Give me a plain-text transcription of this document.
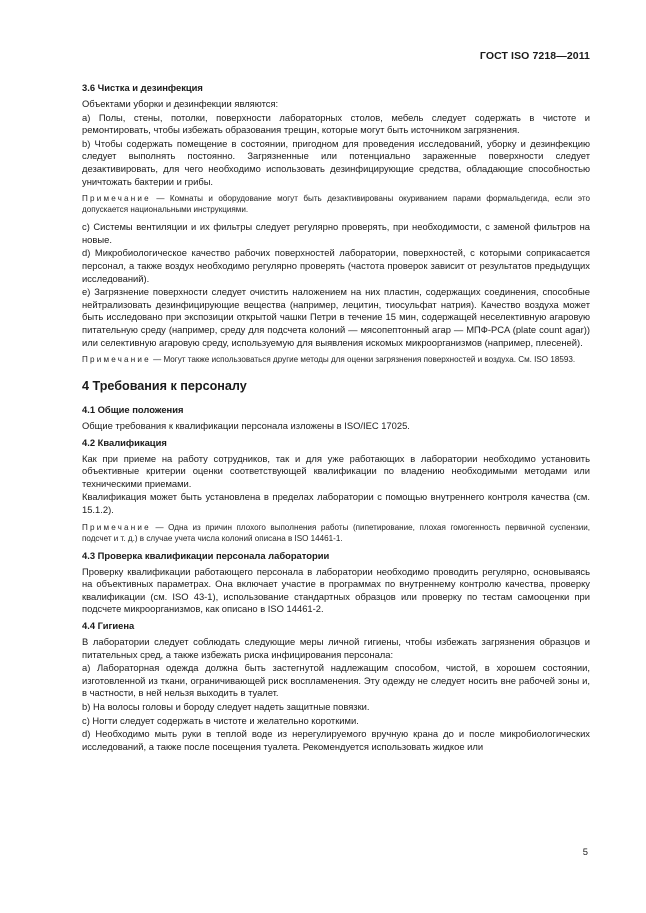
ГОСТ ISO 7218—2011
3.6 Чистка и дезинфекция
Объектами уборки и дезинфекции являются:
а) Полы, стены, потолки, поверхности лабораторных столов, мебель следует содержать в чистоте и ремонтировать, чтобы избежать образования трещин, которые могут быть источником загрязнения.
b) Чтобы содержать помещение в состоянии, пригодном для проведения исследований, уборку и дезинфекцию следует выполнять постоянно. Загрязненные или потенциально зараженные поверхности следует дезактивировать, для чего необходимо использовать дезинфицирующие средства, обладающие способностью уничтожать бактерии и грибы.
Примечание — Комнаты и оборудование могут быть дезактивированы окуриванием парами формальдегида, если это допускается национальными инструкциями.
c) Системы вентиляции и их фильтры следует регулярно проверять, при необходимости, с заменой фильтров на новые.
d) Микробиологическое качество рабочих поверхностей лаборатории, поверхностей, с которыми соприкасается персонал, а также воздух необходимо регулярно проверять (частота проверок зависит от результатов предыдущих исследований).
e) Загрязнение поверхности следует очистить наложением на них пластин, содержащих соединения, способные нейтрализовать дезинфицирующие вещества (например, лецитин, тиосульфат натрия). Качество воздуха может быть исследовано при экспозиции открытой чашки Петри в течение 15 мин, содержащей неселективную агаровую питательную среду (например, среду для подсчета колоний — мясопептонный агар — МПФ-PCA (plate count agar)) или селективную агаровую среду, используемую для выявления искомых микроорганизмов (например, плесеней).
Примечание — Могут также использоваться другие методы для оценки загрязнения поверхностей и воздуха. См. ISO 18593.
4 Требования к персоналу
4.1 Общие положения
Общие требования к квалификации персонала изложены в ISO/IEC 17025.
4.2 Квалификация
Как при приеме на работу сотрудников, так и для уже работающих в лаборатории необходимо установить объективные критерии оценки соответствующей квалификации по владению необходимыми методами или техническими приемами.
Квалификация может быть установлена в пределах лаборатории с помощью внутреннего контроля качества (см. 15.1.2).
Примечание — Одна из причин плохого выполнения работы (пипетирование, плохая гомогенность первичной суспензии, подсчет и т. д.) в случае учета числа колоний описана в ISO 14461-1.
4.3 Проверка квалификации персонала лаборатории
Проверку квалификации работающего персонала в лаборатории необходимо проводить регулярно, основываясь на объективных параметрах. Она включает участие в программах по внутреннему контролю качества, проверку квалификации (см. ISO 43-1), использование стандартных образцов или проверку по тестам самооценки при подсчете микроорганизмов, как описано в ISO 14461-2.
4.4 Гигиена
В лаборатории следует соблюдать следующие меры личной гигиены, чтобы избежать загрязнения образцов и питательных сред, а также избежать риска инфицирования персонала:
а) Лабораторная одежда должна быть застегнутой надлежащим способом, чистой, в хорошем состоянии, изготовленной из ткани, ограничивающей риск воспламенения. Эту одежду не следует носить вне рабочей зоны и, в частности, в ней нельзя выходить в туалет.
b) На волосы головы и бороду следует надеть защитные повязки.
c) Ногти следует содержать в чистоте и желательно короткими.
d) Необходимо мыть руки в теплой воде из нерегулируемого вручную крана до и после микробиологических исследований, а также после посещения туалета. Рекомендуется использовать жидкое или
5
